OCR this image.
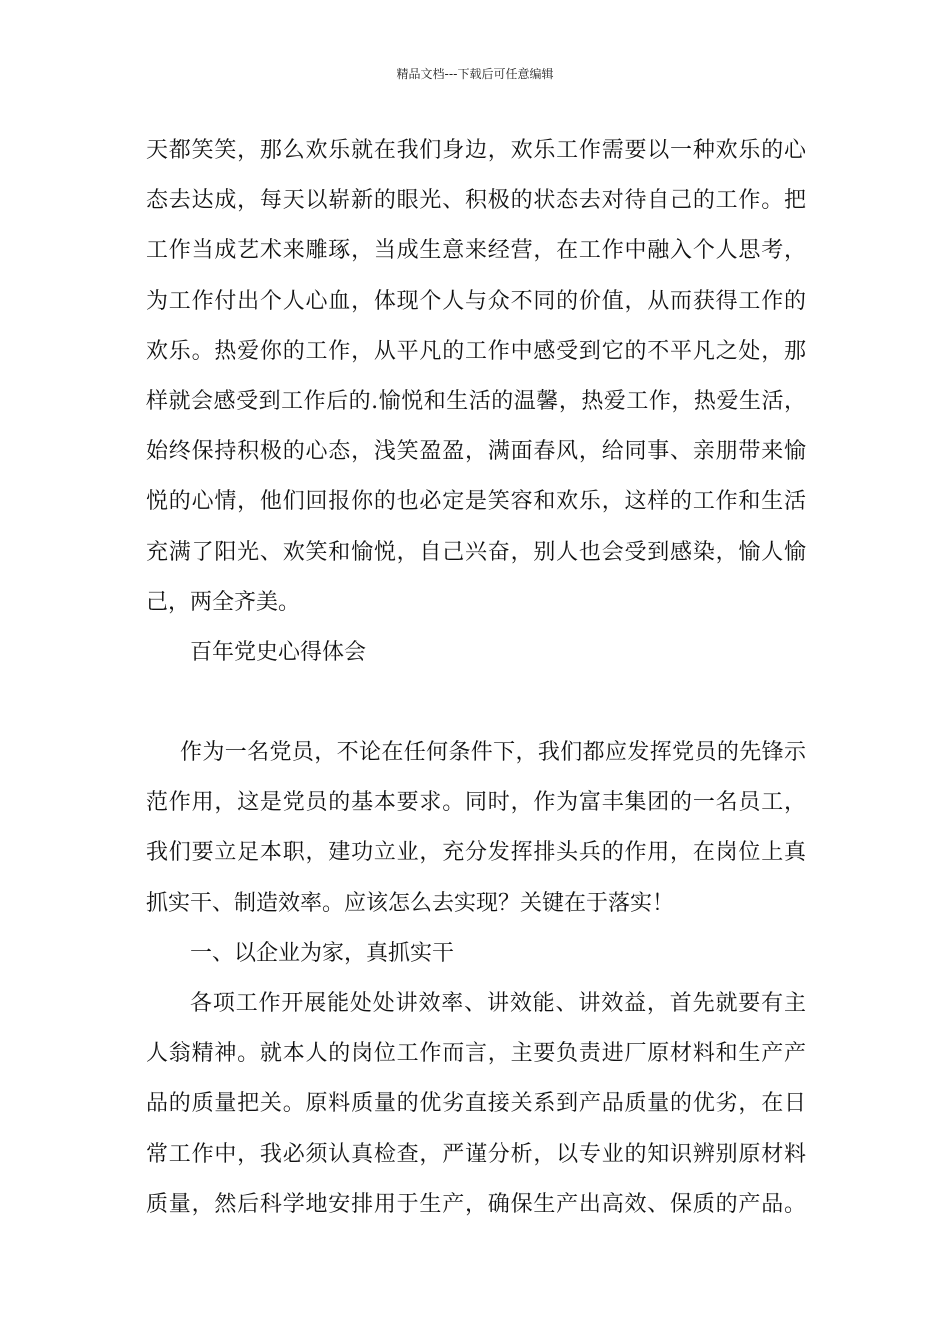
精品文档---下载后可任意编辑
天都笑笑，那么欢乐就在我们身边，欢乐工作需要以一种欢乐的心
态去达成，每天以崭新的眼光、积极的状态去对待自己的工作。把
工作当成艺术来雕琢，当成生意来经营，在工作中融入个人思考，
为工作付出个人心血，体现个人与众不同的价值，从而获得工作的
欢乐。热爱你的工作，从平凡的工作中感受到它的不平凡之处，那
样就会感受到工作后的.愉悦和生活的温馨，热爱工作，热爱生活，
始终保持积极的心态，浅笑盈盈，满面春风，给同事、亲朋带来愉
悦的心情，他们回报你的也必定是笑容和欢乐，这样的工作和生活
充满了阳光、欢笑和愉悦，自己兴奋，别人也会受到感染，愉人愉
己，两全齐美。
百年党史心得体会
作为一名党员，不论在任何条件下，我们都应发挥党员的先锋示
范作用，这是党员的基本要求。同时，作为富丰集团的一名员工，
我们要立足本职，建功立业，充分发挥排头兵的作用，在岗位上真
抓实干、制造效率。应该怎么去实现？关键在于落实！
一、以企业为家，真抓实干
各项工作开展能处处讲效率、讲效能、讲效益，首先就要有主
人翁精神。就本人的岗位工作而言，主要负责进厂原材料和生产产
品的质量把关。原料质量的优劣直接关系到产品质量的优劣，在日
常工作中，我必须认真检查，严谨分析，以专业的知识辨别原材料
质量，然后科学地安排用于生产，确保生产出高效、保质的产品。
